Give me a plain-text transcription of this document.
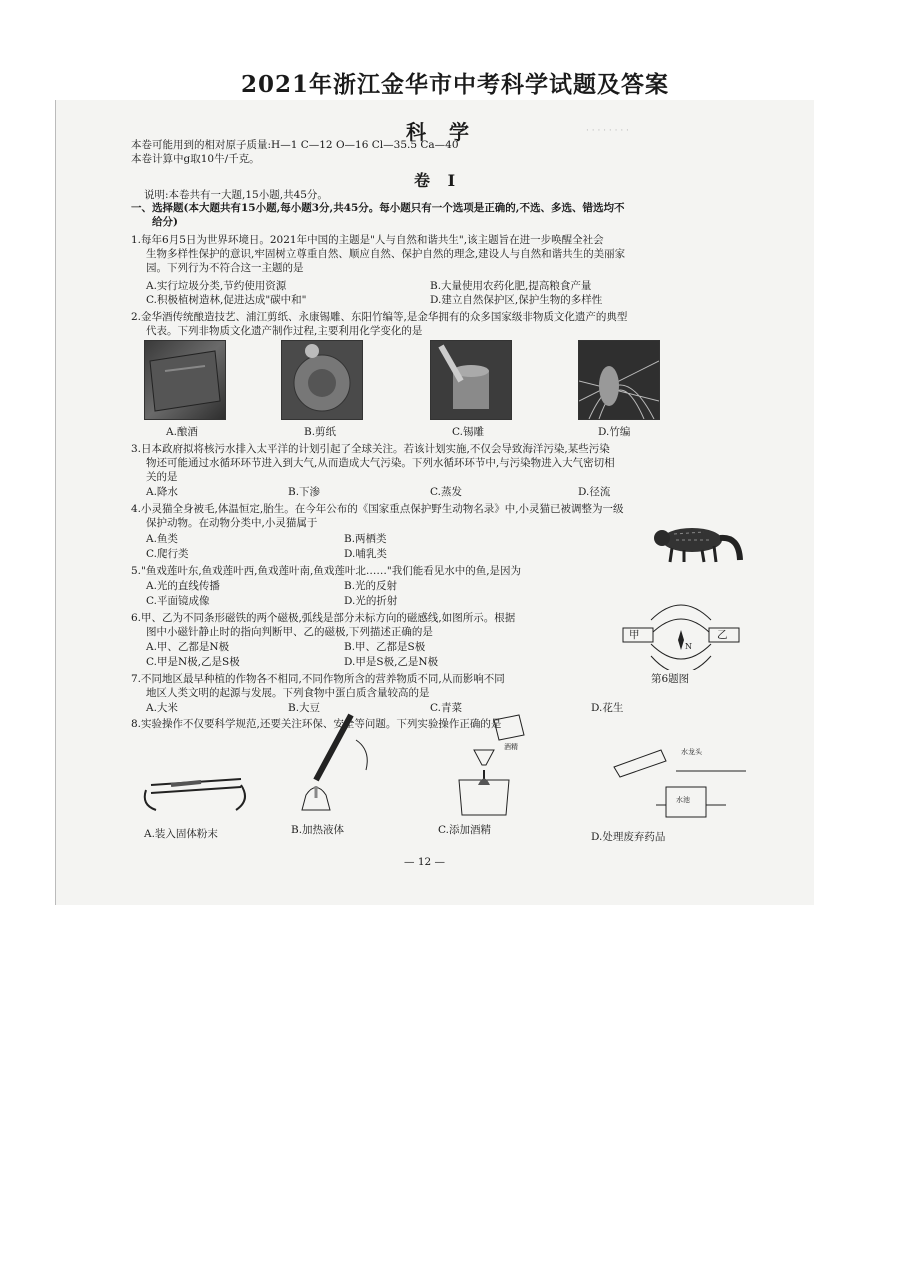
2021年浙江金华市中考科学试题及答案
· · · · · · · ·
科 学
本卷可能用到的相对原子质量:H—1 C—12 O—16 Cl—35.5 Ca—40
本卷计算中g取10牛/千克。
卷 Ⅰ
说明:本卷共有一大题,15小题,共45分。
一、选择题(本大题共有15小题,每小题3分,共45分。每小题只有一个选项是正确的,不选、多选、错选均不
给分)
1.每年6月5日为世界环境日。2021年中国的主题是"人与自然和谐共生",该主题旨在进一步唤醒全社会
生物多样性保护的意识,牢固树立尊重自然、顺应自然、保护自然的理念,建设人与自然和谐共生的美丽家
园。下列行为不符合这一主题的是
A.实行垃圾分类,节约使用资源	B.大量使用农药化肥,提高粮食产量
C.积极植树造林,促进达成"碳中和"	D.建立自然保护区,保护生物的多样性
2.金华酒传统酿造技艺、浦江剪纸、永康锡雕、东阳竹编等,是金华拥有的众多国家级非物质文化遗产的典型
代表。下列非物质文化遗产制作过程,主要利用化学变化的是
A.酿酒	B.剪纸	C.锡雕	D.竹编
3.日本政府拟将核污水排入太平洋的计划引起了全球关注。若该计划实施,不仅会导致海洋污染,某些污染
物还可能通过水循环环节进入到大气,从而造成大气污染。下列水循环环节中,与污染物进入大气密切相
关的是
A.降水	B.下渗	C.蒸发	D.径流
4.小灵猫全身被毛,体温恒定,胎生。在今年公布的《国家重点保护野生动物名录》中,小灵猫已被调整为一级
保护动物。在动物分类中,小灵猫属于
A.鱼类	B.两栖类
C.爬行类	D.哺乳类
5."鱼戏莲叶东,鱼戏莲叶西,鱼戏莲叶南,鱼戏莲叶北……"我们能看见水中的鱼,是因为
A.光的直线传播	B.光的反射
C.平面镜成像	D.光的折射
6.甲、乙为不同条形磁铁的两个磁极,弧线是部分未标方向的磁感线,如图所示。根据
图中小磁针静止时的指向判断甲、乙的磁极,下列描述正确的是
A.甲、乙都是N极	B.甲、乙都是S极
C.甲是N极,乙是S极	D.甲是S极,乙是N极
甲	乙
N
第6题图
7.不同地区最早种植的作物各不相同,不同作物所含的营养物质不同,从而影响不同
地区人类文明的起源与发展。下列食物中蛋白质含量较高的是
A.大米	B.大豆	C.青菜	D.花生
8.实验操作不仅要科学规范,还要关注环保、安全等问题。下列实验操作正确的是
酒精
水龙头
水池
A.装入固体粉末	B.加热液体	C.添加酒精
D.处理废弃药品
— 12 —
